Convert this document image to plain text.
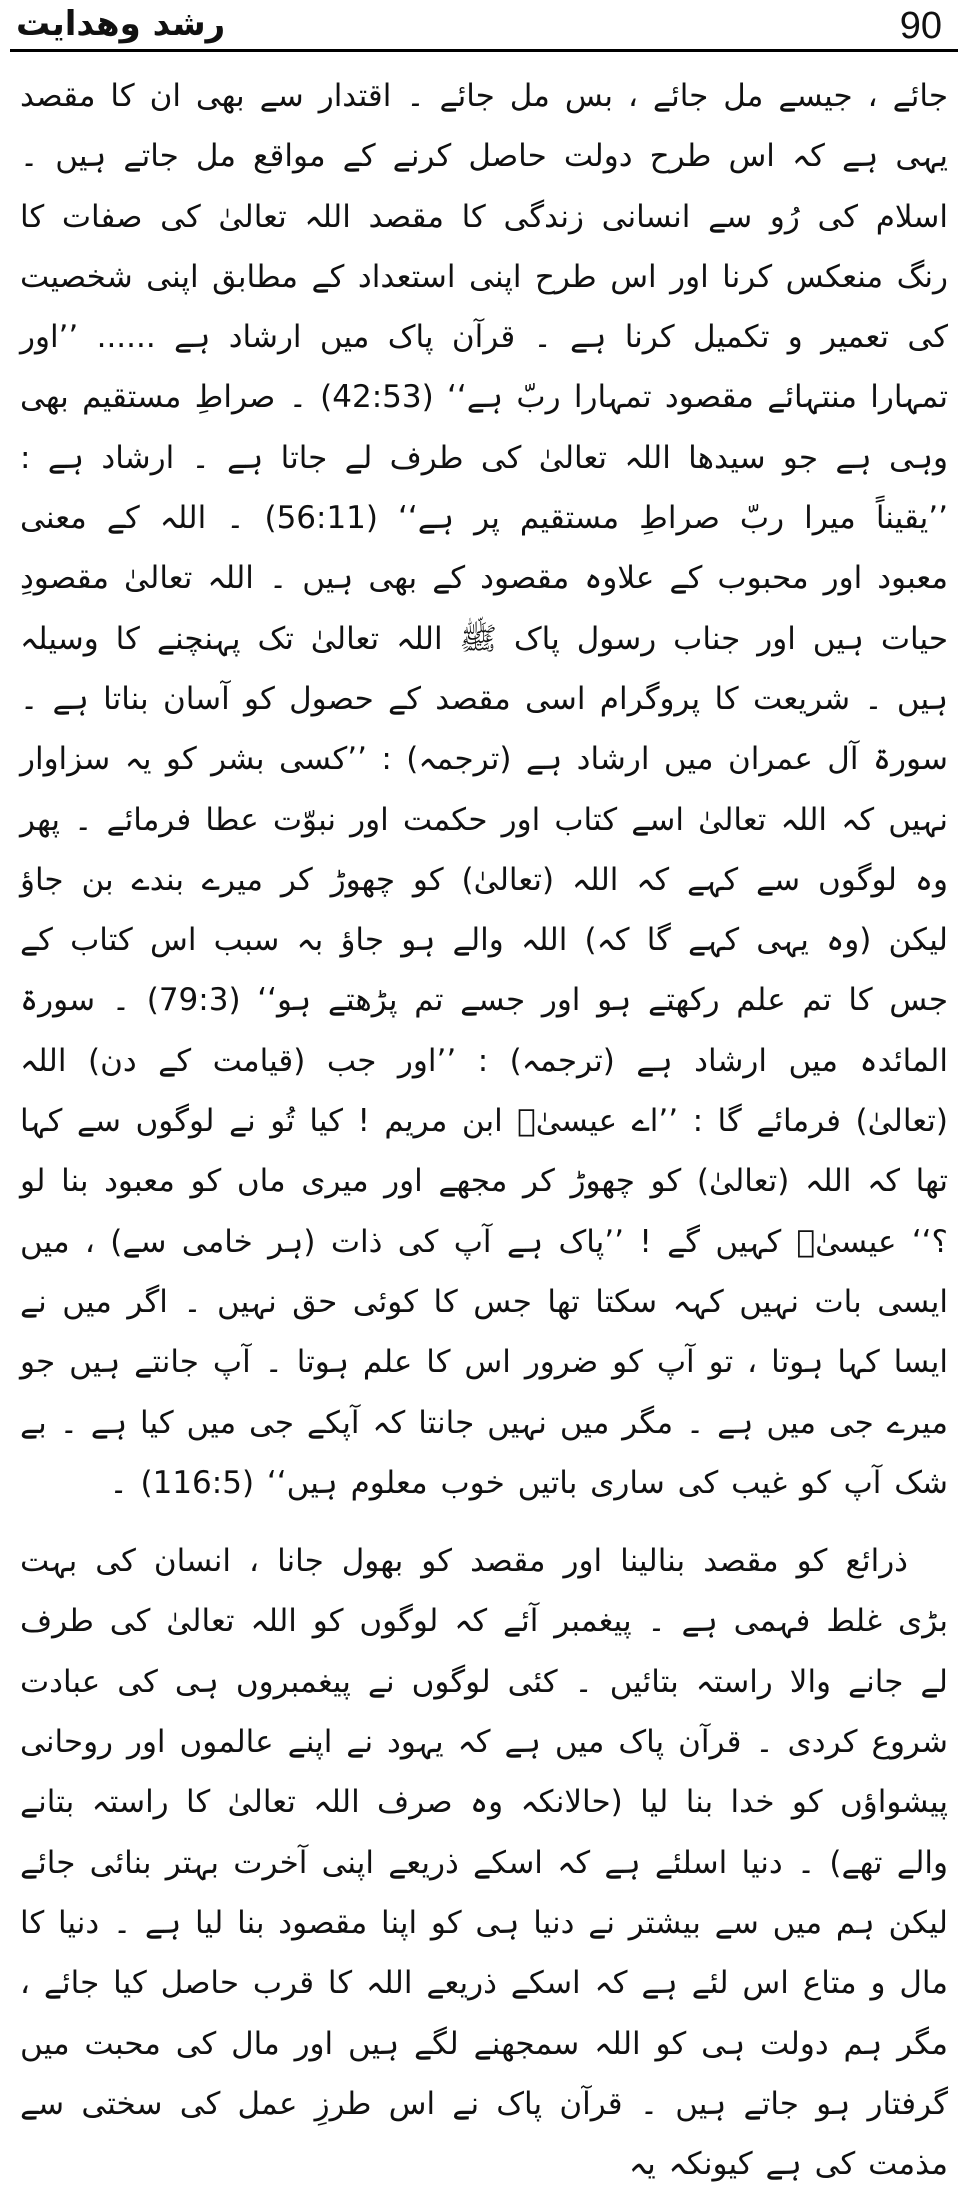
90
رشد وھدایت

جائے ، جیسے مل جائے ، بس مل جائے ۔ اقتدار سے بھی ان کا مقصد یہی ہے کہ اس طرح دولت حاصل کرنے کے مواقع مل جاتے ہیں ۔ اسلام کی رُو سے انسانی زندگی کا مقصد اللہ تعالیٰ کی صفات کا رنگ منعکس کرنا اور اس طرح اپنی استعداد کے مطابق اپنی شخصیت کی تعمیر و تکمیل کرنا ہے ۔ قرآن پاک میں ارشاد ہے ...... ’’اور تمہارا منتہائے مقصود تمہارا ربّ ہے‘‘ (42:53) ۔ صراطِ مستقیم بھی وہی ہے جو سیدھا اللہ تعالیٰ کی طرف لے جاتا ہے ۔ ارشاد ہے : ’’یقیناً میرا ربّ صراطِ مستقیم پر ہے‘‘ (56:11) ۔ اللہ کے معنی معبود اور محبوب کے علاوہ مقصود کے بھی ہیں ۔ اللہ تعالیٰ مقصودِ حیات ہیں اور جناب رسول پاک ﷺ اللہ تعالیٰ تک پہنچنے کا وسیلہ ہیں ۔ شریعت کا پروگرام اسی مقصد کے حصول کو آسان بناتا ہے ۔ سورۃ آل عمران میں ارشاد ہے (ترجمہ) : ’’کسی بشر کو یہ سزاوار نہیں کہ اللہ تعالیٰ اسے کتاب اور حکمت اور نبوّت عطا فرمائے ۔ پھر وہ لوگوں سے کہے کہ اللہ (تعالیٰ) کو چھوڑ کر میرے بندے بن جاؤ لیکن (وہ یہی کہے گا کہ) اللہ والے ہو جاؤ بہ سبب اس کتاب کے جس کا تم علم رکھتے ہو اور جسے تم پڑھتے ہو‘‘ (79:3) ۔ سورۃ المائدہ میں ارشاد ہے (ترجمہ) : ’’اور جب (قیامت کے دن) اللہ (تعالیٰ) فرمائے گا : ’’اے عیسیٰؑ ابن مریم ! کیا تُو نے لوگوں سے کہا تھا کہ اللہ (تعالیٰ) کو چھوڑ کر مجھے اور میری ماں کو معبود بنا لو ؟‘‘ عیسیٰؑ کہیں گے ! ’’پاک ہے آپ کی ذات (ہر خامی سے) ، میں ایسی بات نہیں کہہ سکتا تھا جس کا کوئی حق نہیں ۔ اگر میں نے ایسا کہا ہوتا ، تو آپ کو ضرور اس کا علم ہوتا ۔ آپ جانتے ہیں جو میرے جی میں ہے ۔ مگر میں نہیں جانتا کہ آپکے جی میں کیا ہے ۔ بے شک آپ کو غیب کی ساری باتیں خوب معلوم ہیں‘‘ (116:5) ۔

ذرائع کو مقصد بنالینا اور مقصد کو بھول جانا ، انسان کی بہت بڑی غلط فہمی ہے ۔ پیغمبر آئے کہ لوگوں کو اللہ تعالیٰ کی طرف لے جانے والا راستہ بتائیں ۔ کئی لوگوں نے پیغمبروں ہی کی عبادت شروع کردی ۔ قرآن پاک میں ہے کہ یہود نے اپنے عالموں اور روحانی پیشواؤں کو خدا بنا لیا (حالانکہ وہ صرف اللہ تعالیٰ کا راستہ بتانے والے تھے) ۔ دنیا اسلئے ہے کہ اسکے ذریعے اپنی آخرت بہتر بنائی جائے لیکن ہم میں سے بیشتر نے دنیا ہی کو اپنا مقصود بنا لیا ہے ۔ دنیا کا مال و متاع اس لئے ہے کہ اسکے ذریعے اللہ کا قرب حاصل کیا جائے ، مگر ہم دولت ہی کو اللہ سمجھنے لگے ہیں اور مال کی محبت میں گرفتار ہو جاتے ہیں ۔ قرآن پاک نے اس طرزِ عمل کی سختی سے مذمت کی ہے کیونکہ یہ
